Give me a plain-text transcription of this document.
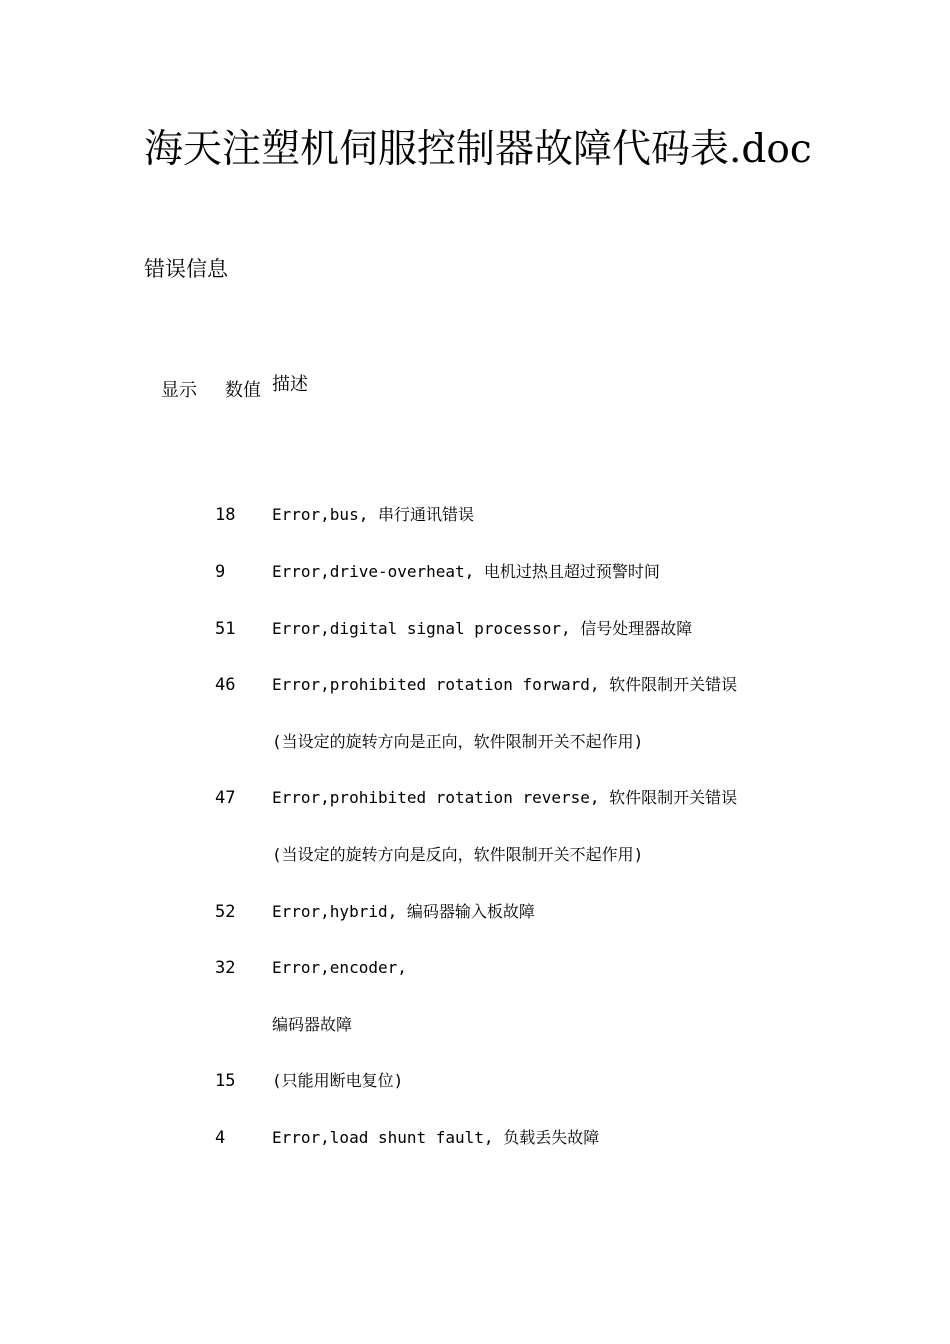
海天注塑机伺服控制器故障代码表.doc
错误信息
显示 数值 描述
18 Error,bus, 串行通讯错误
9	Error,drive-overheat, 电机过热且超过预警时间
51 Error,digital signal processor, 信号处理器故障
46 Error,prohibited rotation forward, 软件限制开关错误
(当设定的旋转方向是正向，软件限制开关不起作用)
47 Error,prohibited rotation reverse, 软件限制开关错误
(当设定的旋转方向是反向，软件限制开关不起作用)
52 Error,hybrid, 编码器输入板故障
32 Error,encoder,
编码器故障
15 (只能用断电复位)
4	Error,load shunt fault, 负载丢失故障
